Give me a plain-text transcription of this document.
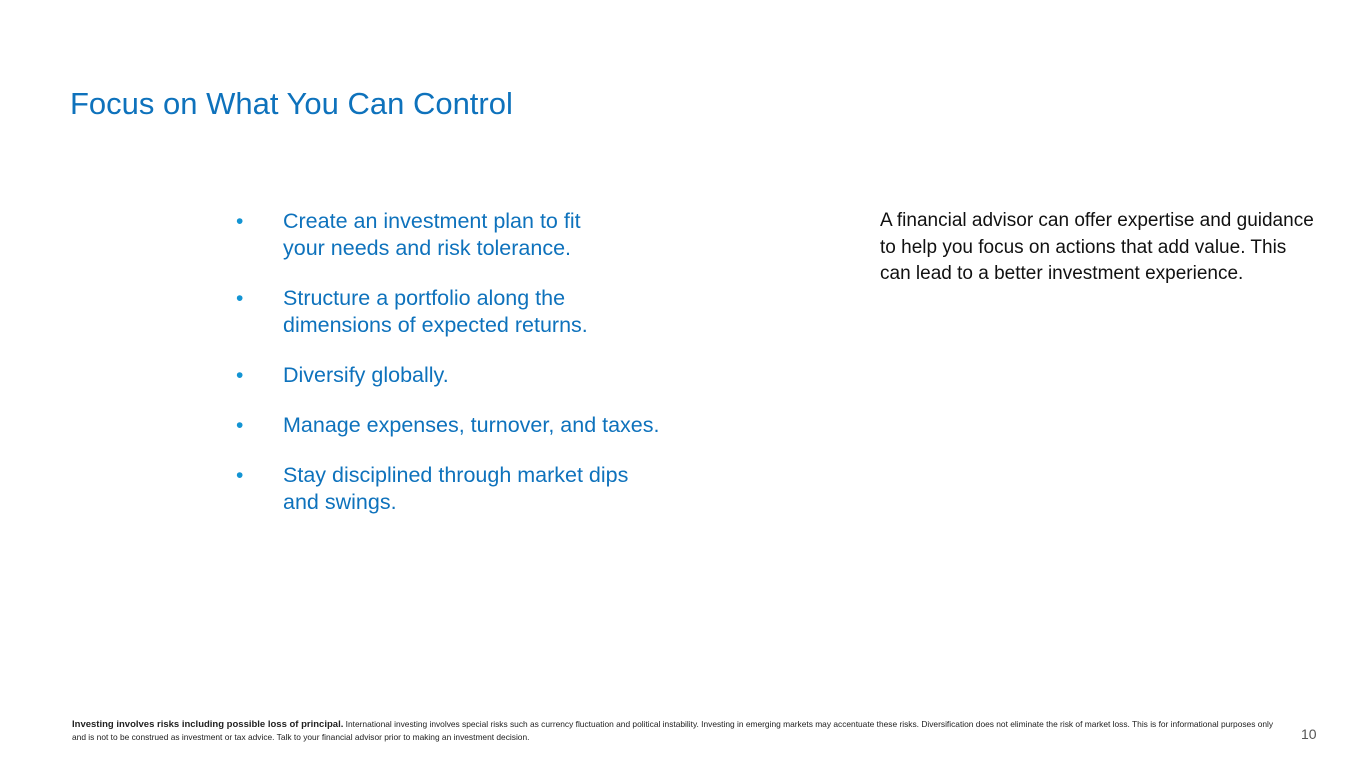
Focus on What You Can Control
•	Create an investment plan to fit
your needs and risk tolerance.
•	Structure a portfolio along the
dimensions of expected returns.
•	Diversify globally.
•	Manage expenses, turnover, and taxes.
•	Stay disciplined through market dips
and swings.

A financial advisor can offer expertise and guidance to help you focus on actions that add value. This can lead to a better investment experience.

Investing involves risks including possible loss of principal. International investing involves special risks such as currency fluctuation and political instability. Investing in emerging markets may accentuate these risks. Diversification does not eliminate the risk of market loss. This is for informational purposes only and is not to be construed as investment or tax advice. Talk to your financial advisor prior to making an investment decision.	10
